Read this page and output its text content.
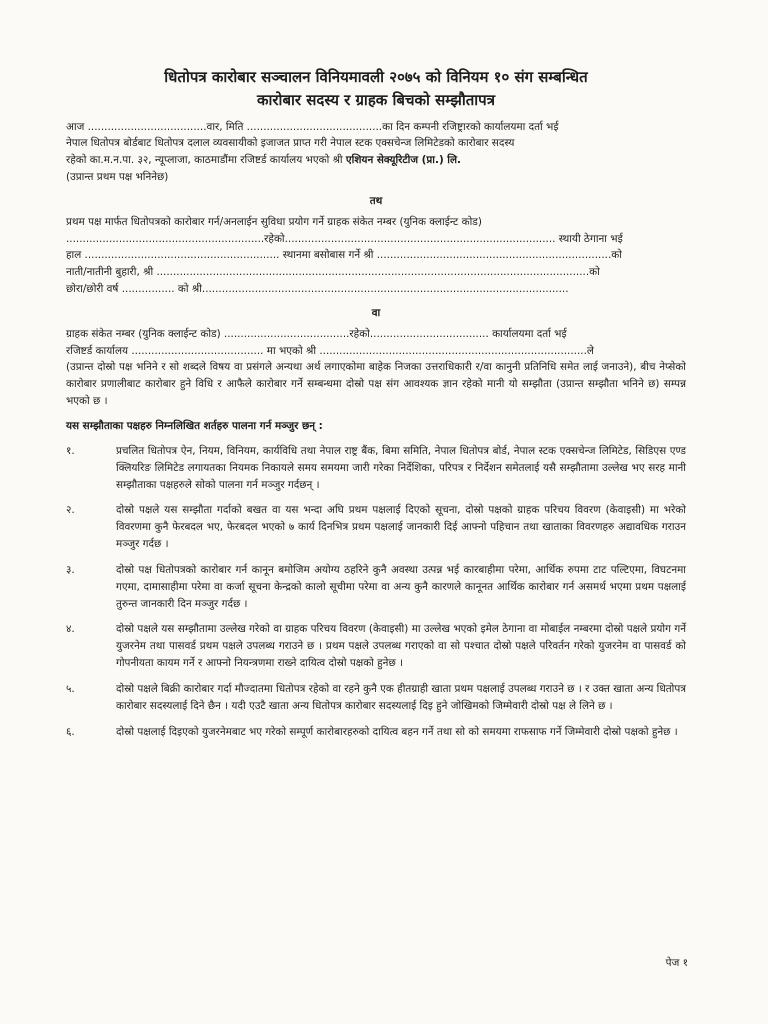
धितोपत्र कारोबार सञ्चालन विनियमावली २०७५ को विनियम १० संग सम्बन्धित
कारोबार सदस्य र ग्राहक बिचको सम्झौतापत्र

आज ....................................वार, मिति .........................................का दिन कम्पनी रजिष्ट्रारको कार्यालयमा दर्ता भई

नेपाल धितोपत्र बोर्डबाट धितोपत्र दलाल व्यवसायीको इजाजत प्राप्त गरी नेपाल स्टक एक्सचेन्ज लिमिटेडको कारोबार सदस्य

रहेको का.म.न.पा. ३२, न्यूप्लाजा, काठमाडौंमा रजिष्टर्ड कार्यालय भएको श्री एशियन सेक्यूरिटीज (प्रा.) लि.

(उप्रान्त प्रथम पक्ष भनिनेछ)

तथ

प्रथम पक्ष मार्फत धितोपत्रको कारोबार गर्न/अनलाईन सुविधा प्रयोग गर्ने ग्राहक संकेत नम्बर (युनिक क्लाईन्ट कोड)

............................................................रहेको.................................................................................. स्थायी ठेगाना भई

हाल ........................................................... स्थानमा बसोबास गर्ने श्री .......................................................................को

नाती/नातीनी बुहारी, श्री ...................................................................................................................................को

छोरा/छोरी वर्ष ................ को श्री...............................................................................................................

वा

ग्राहक संकेत नम्बर (युनिक क्लाईन्ट कोड) ......................................रहेको.................................... कार्यालयमा दर्ता भई

रजिष्टर्ड कार्यालय ........................................ मा भएको श्री .................................................................................ले

(उप्रान्त दोस्रो पक्ष भनिने र सो शब्दले विषय वा प्रसंगले अन्यथा अर्थ लगाएकोमा बाहेक निजका उत्तराधिकारी र/वा कानुनी प्रतिनिधि समेत लाई जनाउने), बीच नेप्सेको कारोबार प्रणालीबाट कारोबार हुने विधि र आफैले कारोबार गर्ने सम्बन्धमा दोस्रो पक्ष संग आवश्यक ज्ञान रहेको मानी यो सम्झौता (उप्रान्त सम्झौता भनिने छ) सम्पन्न भएको छ ।

यस सम्झौताका पक्षहरु निम्नलिखित शर्तहरु पालना गर्न मञ्जुर छन् :
१.	प्रचलित धितोपत्र ऐन, नियम, विनियम, कार्यविधि तथा नेपाल राष्ट्र बैंक, बिमा समिति, नेपाल धितोपत्र बोर्ड, नेपाल स्टक एक्सचेन्ज लिमिटेड, सिडिएस एण्ड क्लियरिङ लिमिटेड लगायतका नियमक निकायले समय समयमा जारी गरेका निर्देशिका, परिपत्र र निर्देशन समेतलाई यसै सम्झौतामा उल्लेख भए सरह मानी सम्झौताका पक्षहरुले सोको पालना गर्न मञ्जुर गर्दछन् ।
२.	दोस्रो पक्षले यस सम्झौता गर्दाको बखत वा यस भन्दा अघि प्रथम पक्षलाई दिएको सूचना, दोस्रो पक्षको ग्राहक परिचय विवरण (केवाइसी) मा भरेको विवरणमा कुनै फेरबदल भए, फेरबदल भएको ७ कार्य दिनभित्र प्रथम पक्षलाई जानकारी दिई आफ्नो पहिचान तथा खाताका विवरणहरु अद्यावधिक गराउन मञ्जुर गर्दछ ।
३.	दोस्रो पक्ष धितोपत्रको कारोबार गर्न कानून बमोजिम अयोग्य ठहरिने कुनै अवस्था उत्पन्न भई कारबाहीमा परेमा, आर्थिक रुपमा टाट पल्टिएमा, विघटनमा गएमा, दामासाहीमा परेमा वा कर्जा सूचना केन्द्रको कालो सूचीमा परेमा वा अन्य कुनै कारणले कानूनत आर्थिक कारोबार गर्न असमर्थ भएमा प्रथम पक्षलाई तुरुन्त जानकारी दिन मञ्जुर गर्दछ ।
४.	दोस्रो पक्षले यस सम्झौतामा उल्लेख गरेको वा ग्राहक परिचय विवरण (केवाइसी) मा उल्लेख भएको इमेल ठेगाना वा मोबाईल नम्बरमा दोस्रो पक्षले प्रयोग गर्ने युजरनेम तथा पासवर्ड प्रथम पक्षले उपलब्ध गराउने छ । प्रथम पक्षले उपलब्ध गराएको वा सो पश्चात दोस्रो पक्षले परिवर्तन गरेको युजरनेम वा पासवर्ड को गोपनीयता कायम गर्ने र आफ्नो नियन्त्रणमा राख्ने दायित्व दोस्रो पक्षको हुनेछ ।
५.	दोस्रो पक्षले बिक्री कारोबार गर्दा मौज्दातमा धितोपत्र रहेको वा रहने कुनै एक हीतग्राही खाता प्रथम पक्षलाई उपलब्ध गराउने छ । र उक्त खाता अन्य धितोपत्र कारोबार सदस्यलाई दिने छैन । यदी एउटै खाता अन्य धितोपत्र कारोबार सदस्यलाई दिइ हुने जोखिमको जिम्मेवारी दोस्रो पक्ष ले लिने छ ।
६.	दोस्रो पक्षलाई दिइएको युजरनेमबाट भए गरेको सम्पूर्ण कारोबारहरुको दायित्व बहन गर्ने तथा सो को समयमा राफसाफ गर्ने जिम्मेवारी दोस्रो पक्षको हुनेछ ।
पेज १
